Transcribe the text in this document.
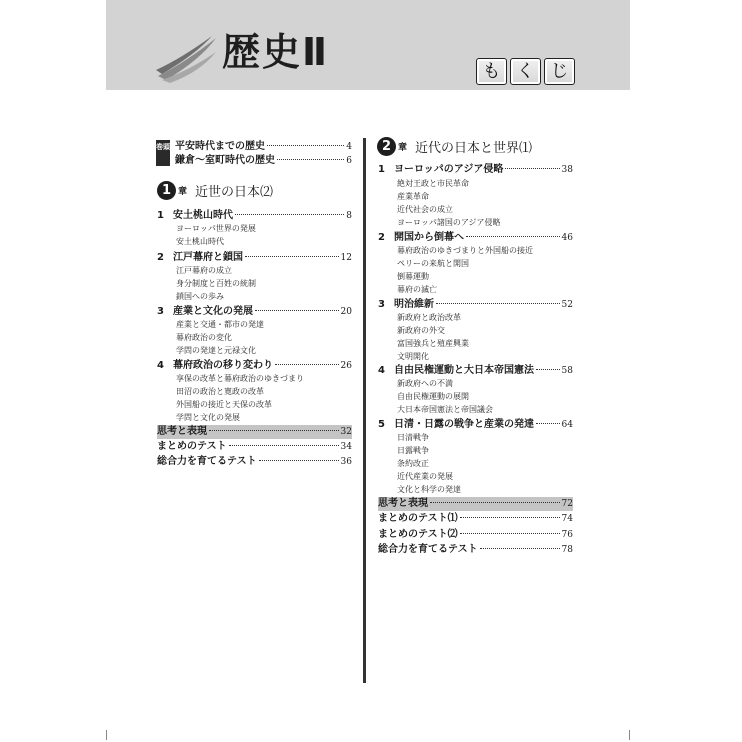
歴史Ⅱ	も く じ
巻頭 平安時代までの歴史	4
鎌倉～室町時代の歴史	6
1 章 近世の日本⑵
1 安土桃山時代	8
ヨーロッパ世界の発展
安土桃山時代
2 江戸幕府と鎖国	12
江戸幕府の成立
身分制度と百姓の統制
鎖国への歩み
3 産業と文化の発展	20
産業と交通・都市の発達
幕府政治の変化
学問の発達と元禄文化
4 幕府政治の移り変わり	26
享保の改革と幕府政治のゆきづまり
田沼の政治と寛政の改革
外国船の接近と天保の改革
学問と文化の発展
思考と表現	32
まとめのテスト	34
総合力を育てるテスト	36
2 章 近代の日本と世界⑴
1 ヨーロッパのアジア侵略	38
絶対王政と市民革命
産業革命
近代社会の成立
ヨーロッパ諸国のアジア侵略
2 開国から倒幕へ	46
幕府政治のゆきづまりと外国船の接近
ペリーの来航と開国
倒幕運動
幕府の滅亡
3 明治維新	52
新政府と政治改革
新政府の外交
富国強兵と殖産興業
文明開化
4 自由民権運動と大日本帝国憲法	58
新政府への不満
自由民権運動の展開
大日本帝国憲法と帝国議会
5 日清・日露の戦争と産業の発達	64
日清戦争
日露戦争
条約改正
近代産業の発展
文化と科学の発達
思考と表現	72
まとめのテスト⑴	74
まとめのテスト⑵	76
総合力を育てるテスト	78
